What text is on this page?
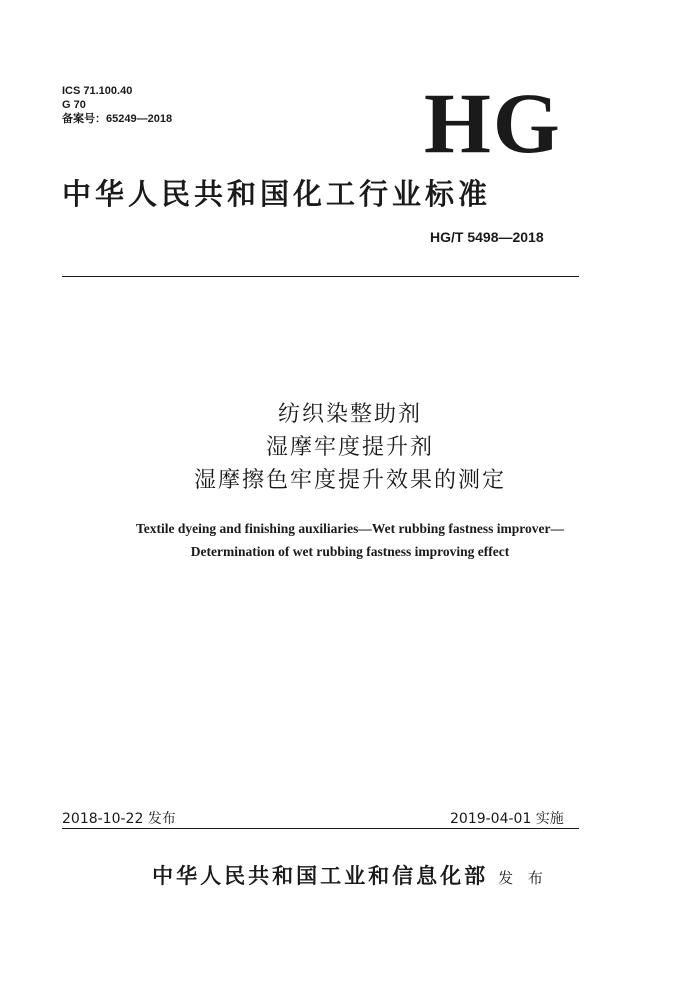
ICS 71.100.40
G 70
备案号：65249—2018	HG
中华人民共和国化工行业标准
HG/T 5498—2018
纺织染整助剂
湿摩牢度提升剂
湿摩擦色牢度提升效果的测定
Textile dyeing and finishing auxiliaries—Wet rubbing fastness improver—
Determination of wet rubbing fastness improving effect
2018-10-22 发布	2019-04-01 实施
中华人民共和国工业和信息化部 发 布
